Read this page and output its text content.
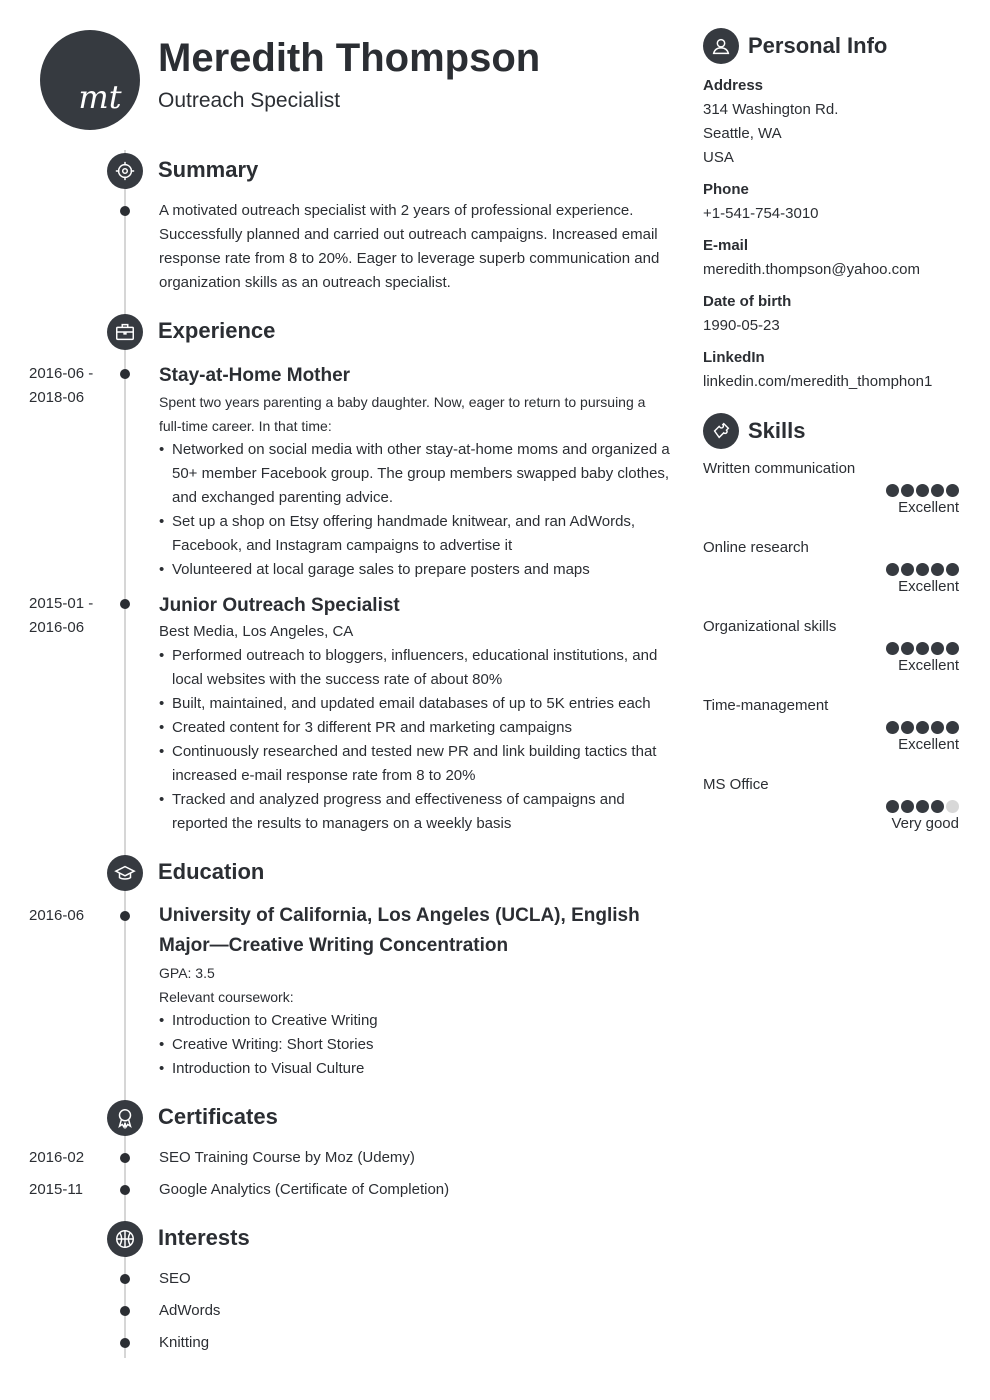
mt
Meredith Thompson
Outreach Specialist
Summary

A motivated outreach specialist with 2 years of professional experience. Successfully planned and carried out outreach campaigns. Increased email response rate from 8 to 20%. Eager to leverage superb communication and organization skills as an outreach specialist.

Experience
2016-06 - 2018-06
Stay-at-Home Mother

Spent two years parenting a baby daughter. Now, eager to return to pursuing a full-time career. In that time:

• Networked on social media with other stay-at-home moms and organized a 50+ member Facebook group. The group members swapped baby clothes, and exchanged parenting advice.
• Set up a shop on Etsy offering handmade knitwear, and ran AdWords, Facebook, and Instagram campaigns to advertise it
• Volunteered at local garage sales to prepare posters and maps
2015-01 - 2016-06
Junior Outreach Specialist

Best Media, Los Angeles, CA

• Performed outreach to bloggers, influencers, educational institutions, and local websites with the success rate of about 80%
• Built, maintained, and updated email databases of up to 5K entries each
• Created content for 3 different PR and marketing campaigns
• Continuously researched and tested new PR and link building tactics that increased e-mail response rate from 8 to 20%
• Tracked and analyzed progress and effectiveness of campaigns and reported the results to managers on a weekly basis
Education
2016-06	University of California, Los Angeles (UCLA), English Major—Creative Writing Concentration

GPA: 3.5

Relevant coursework:

• Introduction to Creative Writing
• Creative Writing: Short Stories
• Introduction to Visual Culture
Certificates
2016-02	SEO Training Course by Moz (Udemy)

2015-11	Google Analytics (Certificate of Completion)

Interests

SEO

AdWords

Knitting

Personal Info
Address
314 Washington Rd.
Seattle, WA
USA
Phone
+1-541-754-3010
E-mail
meredith.thompson@yahoo.com
Date of birth
1990-05-23
LinkedIn
linkedin.com/meredith_thomphon1
Skills
Written communication
Excellent
Online research
Excellent
Organizational skills
Excellent
Time-management
Excellent
MS Office
Very good
